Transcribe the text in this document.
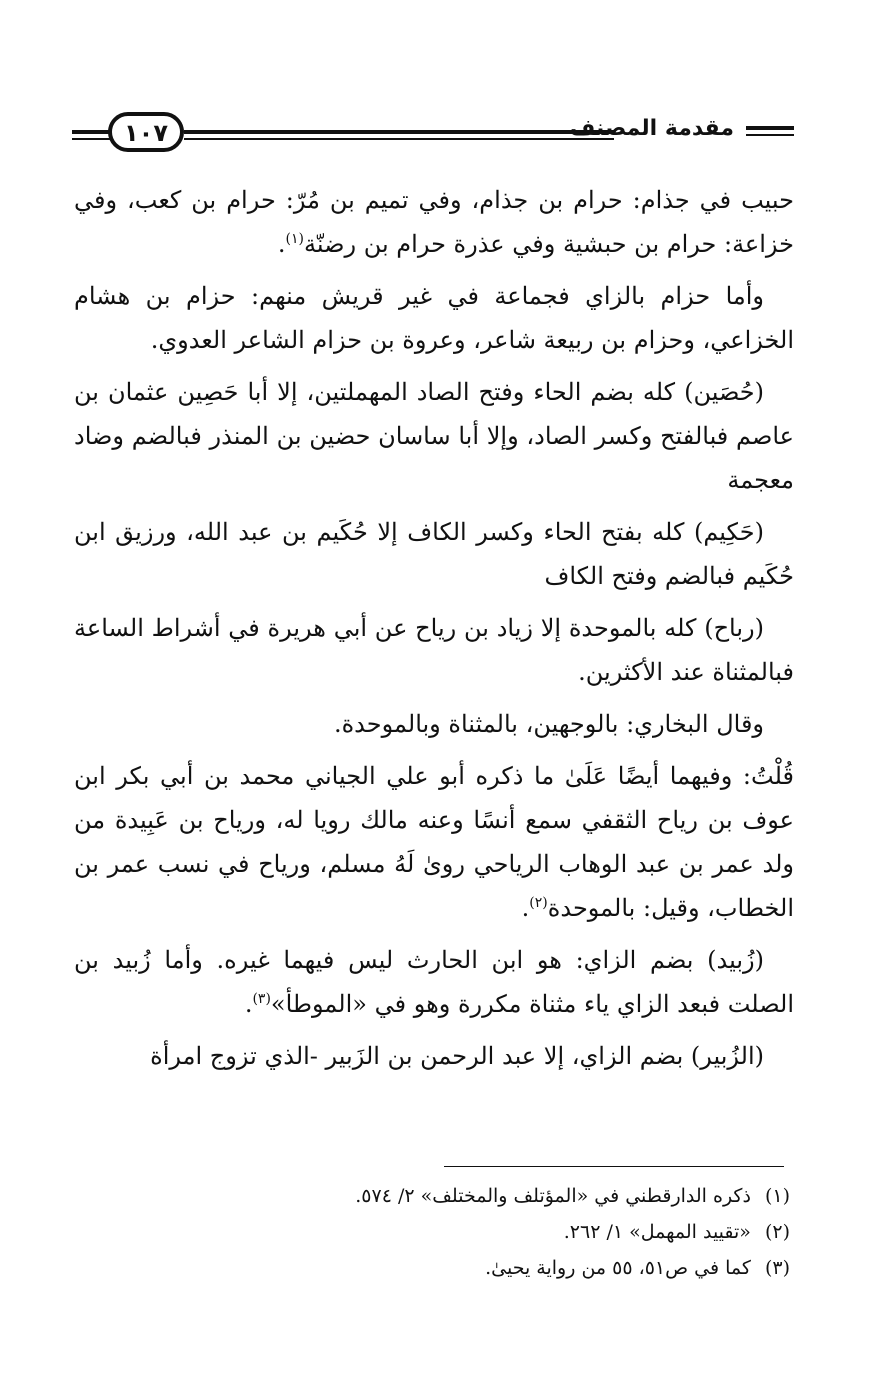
مقدمة المصنف
١٠٧

حبيب في جذام: حرام بن جذام، وفي تميم بن مُرّ: حرام بن كعب، وفي خزاعة: حرام بن حبشية وفي عذرة حرام بن رضنّة$^{(١)}$.

وأما حزام بالزاي فجماعة في غير قريش منهم: حزام بن هشام الخزاعي، وحزام بن ربيعة شاعر، وعروة بن حزام الشاعر العدوي.

(حُصَين) كله بضم الحاء وفتح الصاد المهملتين، إلا أبا حَصِين عثمان بن عاصم فبالفتح وكسر الصاد، وإلا أبا ساسان حضين بن المنذر فبالضم وضاد معجمة

(حَكِيم) كله بفتح الحاء وكسر الكاف إلا حُكَيم بن عبد الله، ورزيق ابن حُكَيم فبالضم وفتح الكاف

(رباح) كله بالموحدة إلا زياد بن رياح عن أبي هريرة في أشراط الساعة فبالمثناة عند الأكثرين.

وقال البخاري: بالوجهين، بالمثناة وبالموحدة.

قُلْتُ: وفيهما أيضًا عَلَىٰ ما ذكره أبو علي الجياني محمد بن أبي بكر ابن عوف بن رياح الثقفي سمع أنسًا وعنه مالك رويا له، ورياح بن عَبِيدة من ولد عمر بن عبد الوهاب الرياحي روىٰ لَهُ مسلم، ورياح في نسب عمر بن الخطاب، وقيل: بالموحدة$^{(٢)}$.

(زُبيد) بضم الزاي: هو ابن الحارث ليس فيهما غيره. وأما زُبيد بن الصلت فبعد الزاي ياء مثناة مكررة وهو في «الموطأ»$^{(٣)}$.

(الزُبير) بضم الزاي، إلا عبد الرحمن بن الزَبير -الذي تزوج امرأة

(١)ذكره الدارقطني في «المؤتلف والمختلف» ٢/ ٥٧٤.
(٢)«تقييد المهمل» ١/ ٢٦٢.
(٣)كما في ص٥١، ٥٥ من رواية يحيىٰ.
